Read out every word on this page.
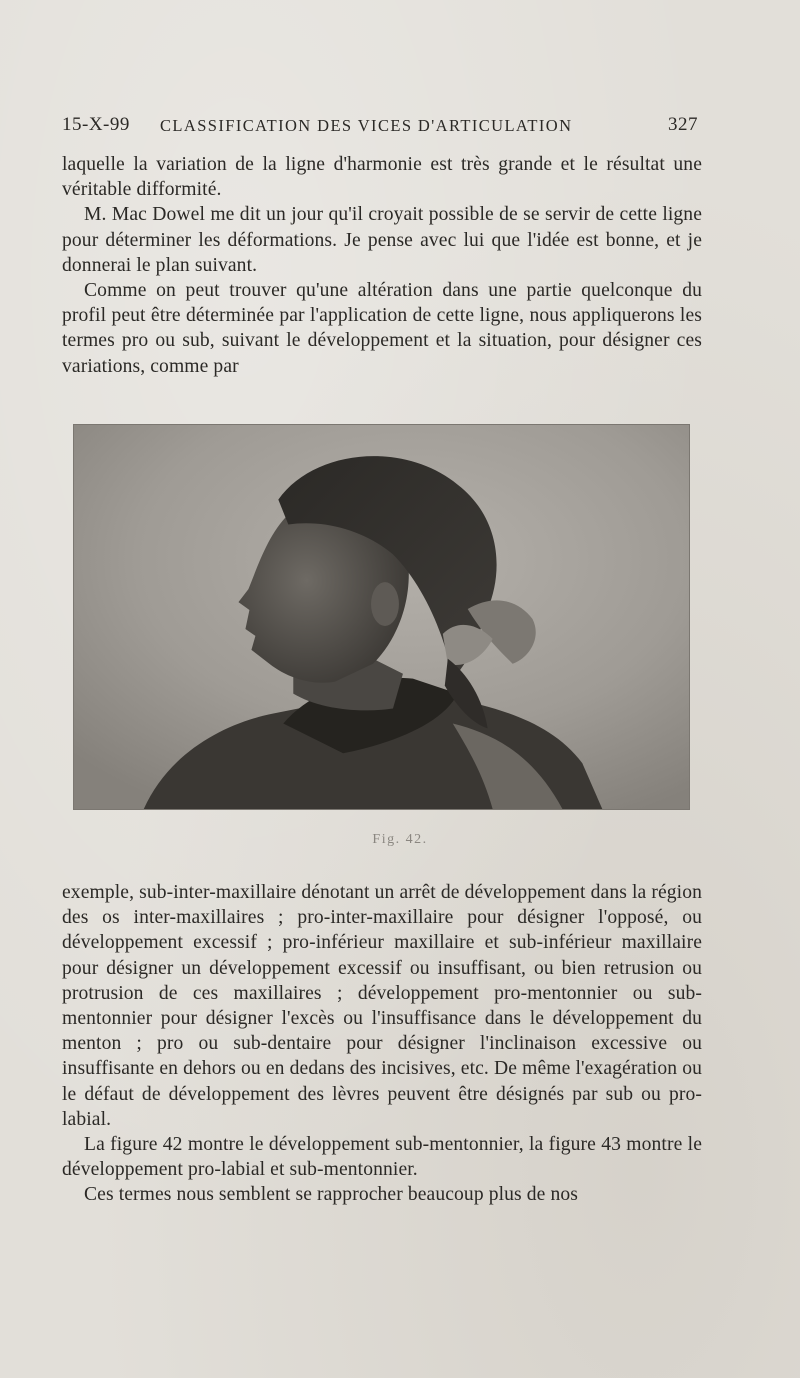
15-X-99 CLASSIFICATION DES VICES D'ARTICULATION	327

laquelle la variation de la ligne d'harmonie est très grande et le résultat une véritable difformité.

M. Mac Dowel me dit un jour qu'il croyait possible de se servir de cette ligne pour déterminer les déformations. Je pense avec lui que l'idée est bonne, et je donnerai le plan suivant.

Comme on peut trouver qu'une altération dans une partie quelconque du profil peut être déterminée par l'application de cette ligne, nous appliquerons les termes pro ou sub, suivant le développement et la situation, pour désigner ces variations, comme par

Fig. 42.

exemple, sub-inter-maxillaire dénotant un arrêt de développement dans la région des os inter-maxillaires ; pro-inter-maxillaire pour désigner l'opposé, ou développement excessif ; pro-inférieur maxillaire et sub-inférieur maxillaire pour désigner un développement excessif ou insuffisant, ou bien retrusion ou protrusion de ces maxillaires ; développement pro-mentonnier ou sub-mentonnier pour désigner l'excès ou l'insuffisance dans le développement du menton ; pro ou sub-dentaire pour désigner l'inclinaison excessive ou insuffisante en dehors ou en dedans des incisives, etc. De même l'exagération ou le défaut de développement des lèvres peuvent être désignés par sub ou pro-labial.

La figure 42 montre le développement sub-mentonnier, la figure 43 montre le développement pro-labial et sub-mentonnier.

Ces termes nous semblent se rapprocher beaucoup plus de nos
